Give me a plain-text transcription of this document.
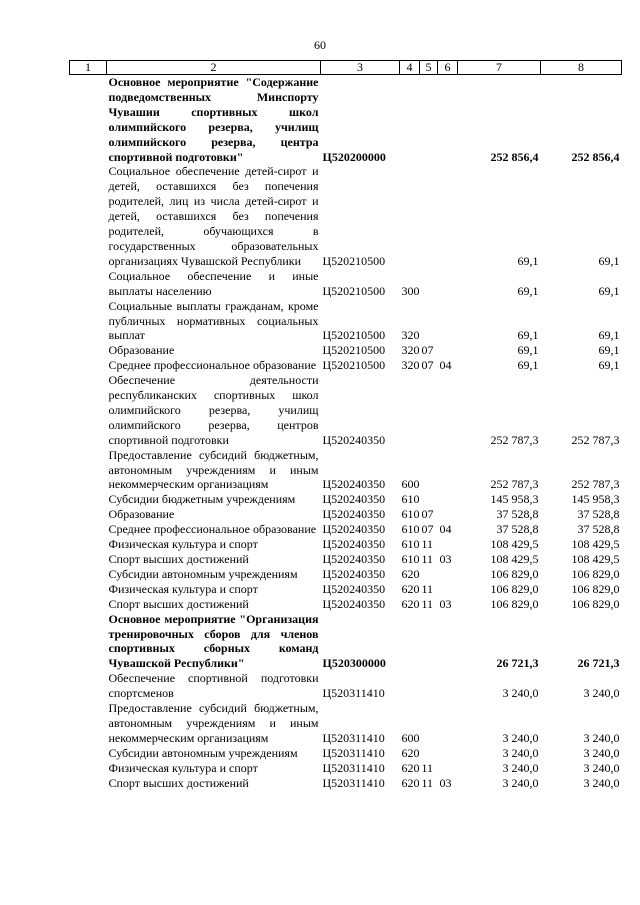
60
1	2	3	4	5	6	7	8
	Основное мероприятие "Содержание подведомственных Минспорту Чувашии спортивных школ олимпийского резерва, училищ олимпийского резерва, центра спортивной подготовки"	Ц520200000				252 856,4	252 856,4
	Социальное обеспечение детей-сирот и детей, оставшихся без попечения родителей, лиц из числа детей-сирот и детей, оставшихся без попечения родителей, обучающихся в государственных образовательных организациях Чувашской Республики	Ц520210500				69,1	69,1
	Социальное обеспечение и иные выплаты населению	Ц520210500	300			69,1	69,1
	Социальные выплаты гражданам, кроме публичных нормативных социальных выплат	Ц520210500	320			69,1	69,1
	Образование	Ц520210500	320	07		69,1	69,1
	Среднее профессиональное образование	Ц520210500	320	07	04	69,1	69,1
	Обеспечение деятельности республиканских спортивных школ олимпийского резерва, училищ олимпийского резерва, центров спортивной подготовки	Ц520240350				252 787,3	252 787,3
	Предоставление субсидий бюджетным, автономным учреждениям и иным некоммерческим организациям	Ц520240350	600			252 787,3	252 787,3
	Субсидии бюджетным учреждениям	Ц520240350	610			145 958,3	145 958,3
	Образование	Ц520240350	610	07		37 528,8	37 528,8
	Среднее профессиональное образование	Ц520240350	610	07	04	37 528,8	37 528,8
	Физическая культура и спорт	Ц520240350	610	11		108 429,5	108 429,5
	Спорт высших достижений	Ц520240350	610	11	03	108 429,5	108 429,5
	Субсидии автономным учреждениям	Ц520240350	620			106 829,0	106 829,0
	Физическая культура и спорт	Ц520240350	620	11		106 829,0	106 829,0
	Спорт высших достижений	Ц520240350	620	11	03	106 829,0	106 829,0
	Основное мероприятие "Организация тренировочных сборов для членов спортивных сборных команд Чувашской Республики"	Ц520300000				26 721,3	26 721,3
	Обеспечение спортивной подготовки спортсменов	Ц520311410				3 240,0	3 240,0
	Предоставление субсидий бюджетным, автономным учреждениям и иным некоммерческим организациям	Ц520311410	600			3 240,0	3 240,0
	Субсидии автономным учреждениям	Ц520311410	620			3 240,0	3 240,0
	Физическая культура и спорт	Ц520311410	620	11		3 240,0	3 240,0
	Спорт высших достижений	Ц520311410	620	11	03	3 240,0	3 240,0
